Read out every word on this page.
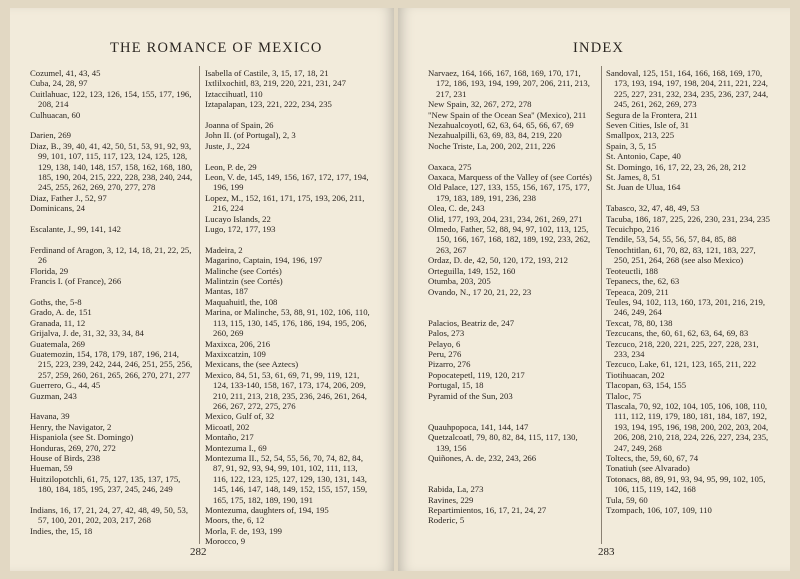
THE ROMANCE OF MEXICO
Cozumel, 41, 43, 45
Cuba, 24, 28, 97
Cuitlahuac, 122, 123, 126, 154, 155, 177, 196, 208, 214
Culhuacan, 60
Darien, 269
Diaz, B., 39, 40, 41, 42, 50, 51, 53, 91, 92, 93, 99, 101, 107, 115, 117, 123, 124, 125, 128, 129, 138, 140, 148, 157, 158, 162, 168, 180, 185, 190, 204, 215, 222, 228, 238, 240, 244, 245, 255, 262, 269, 270, 277, 278
Diaz, Father J., 52, 97
Dominicans, 24
Escalante, J., 99, 141, 142
Ferdinand of Aragon, 3, 12, 14, 18, 21, 22, 25, 26
Florida, 29
Francis I. (of France), 266
Goths, the, 5-8
Grado, A. de, 151
Granada, 11, 12
Grijalva, J. de, 31, 32, 33, 34, 84
Guatemala, 269
Guatemozin, 154, 178, 179, 187, 196, 214, 215, 223, 239, 242, 244, 246, 251, 255, 256, 257, 259, 260, 261, 265, 266, 270, 271, 277
Guerrero, G., 44, 45
Guzman, 243
Havana, 39
Henry, the Navigator, 2
Hispaniola (see St. Domingo)
Honduras, 269, 270, 272
House of Birds, 238
Hueman, 59
Huitzilopotchli, 61, 75, 127, 135, 137, 175, 180, 184, 185, 195, 237, 245, 246, 249
Indians, 16, 17, 21, 24, 27, 42, 48, 49, 50, 53, 57, 100, 201, 202, 203, 217, 268
Indies, the, 15, 18
Isabella of Castile, 3, 15, 17, 18, 21
Ixtlilxochitl, 83, 219, 220, 221, 231, 247
Iztaccihuatl, 110
Iztapalapan, 123, 221, 222, 234, 235
Joanna of Spain, 26
John II. (of Portugal), 2, 3
Juste, J., 224
Leon, P. de, 29
Leon, V. de, 145, 149, 156, 167, 172, 177, 194, 196, 199
Lopez, M., 152, 161, 171, 175, 193, 206, 211, 216, 224
Lucayo Islands, 22
Lugo, 172, 177, 193
Madeira, 2
Magarino, Captain, 194, 196, 197
Malinche (see Cortés)
Malintzin (see Cortés)
Mantas, 187
Maquahuitl, the, 108
Marina, or Malinche, 53, 88, 91, 102, 106, 110, 113, 115, 130, 145, 176, 186, 194, 195, 206, 260, 269
Maxixca, 206, 216
Maxixcatzin, 109
Mexicans, the (see Aztecs)
Mexico, 84, 51, 53, 61, 69, 71, 99, 119, 121, 124, 133-140, 158, 167, 173, 174, 206, 209, 210, 211, 213, 218, 235, 236, 246, 261, 264, 266, 267, 272, 275, 276
Mexico, Gulf of, 32
Micoatl, 202
Montaño, 217
Montezuma I., 69
Montezuma II., 52, 54, 55, 56, 70, 74, 82, 84, 87, 91, 92, 93, 94, 99, 101, 102, 111, 113, 116, 122, 123, 125, 127, 129, 130, 131, 143, 145, 146, 147, 148, 149, 152, 155, 157, 159, 165, 175, 182, 189, 190, 191
Montezuma, daughters of, 194, 195
Moors, the, 6, 12
Morla, F. de, 193, 199
Morocco, 9
282
INDEX
Narvaez, 164, 166, 167, 168, 169, 170, 171, 172, 186, 193, 194, 199, 207, 206, 211, 213, 217, 231
New Spain, 32, 267, 272, 278
"New Spain of the Ocean Sea" (Mexico), 211
Nezahualcoyotl, 62, 63, 64, 65, 66, 67, 69
Nezahualpilli, 63, 69, 83, 84, 219, 220
Noche Triste, La, 200, 202, 211, 226
Oaxaca, 275
Oaxaca, Marquess of the Valley of (see Cortés)
Old Palace, 127, 133, 155, 156, 167, 175, 177, 179, 183, 189, 191, 236, 238
Olea, C. de, 243
Olid, 177, 193, 204, 231, 234, 261, 269, 271
Olmedo, Father, 52, 88, 94, 97, 102, 113, 125, 150, 166, 167, 168, 182, 189, 192, 233, 262, 263, 267
Ordaz, D. de, 42, 50, 120, 172, 193, 212
Orteguilla, 149, 152, 160
Otumba, 203, 205
Ovando, N., 17 20, 21, 22, 23
Palacios, Beatriz de, 247
Palos, 273
Pelayo, 6
Peru, 276
Pizarro, 276
Popocatepetl, 119, 120, 217
Portugal, 15, 18
Pyramid of the Sun, 203
Quauhpopoca, 141, 144, 147
Quetzalcoatl, 79, 80, 82, 84, 115, 117, 130, 139, 156
Quiñones, A. de, 232, 243, 266
Rabida, La, 273
Ravines, 229
Repartimientos, 16, 17, 21, 24, 27
Roderic, 5
Sandoval, 125, 151, 164, 166, 168, 169, 170, 173, 193, 194, 197, 198, 204, 211, 221, 224, 225, 227, 231, 232, 234, 235, 236, 237, 244, 245, 261, 262, 269, 273
Segura de la Frontera, 211
Seven Cities, Isle of, 31
Smallpox, 213, 225
Spain, 3, 5, 15
St. Antonio, Cape, 40
St. Domingo, 16, 17, 22, 23, 26, 28, 212
St. James, 8, 51
St. Juan de Ulua, 164
Tabasco, 32, 47, 48, 49, 53
Tacuba, 186, 187, 225, 226, 230, 231, 234, 235
Tecuichpo, 216
Tendile, 53, 54, 55, 56, 57, 84, 85, 88
Tenochtitlan, 61, 70, 82, 83, 121, 183, 227, 250, 251, 264, 268 (see also Mexico)
Teoteuctli, 188
Tepanecs, the, 62, 63
Tepeaca, 209, 211
Teules, 94, 102, 113, 160, 173, 201, 216, 219, 246, 249, 264
Texcat, 78, 80, 138
Tezcucans, the, 60, 61, 62, 63, 64, 69, 83
Tezcuco, 218, 220, 221, 225, 227, 228, 231, 233, 234
Tezcuco, Lake, 61, 121, 123, 165, 211, 222
Tiotihuacan, 202
Tlacopan, 63, 154, 155
Tlaloc, 75
Tlascala, 70, 92, 102, 104, 105, 106, 108, 110, 111, 112, 119, 179, 180, 181, 184, 187, 192, 193, 194, 195, 196, 198, 200, 202, 203, 204, 206, 208, 210, 218, 224, 226, 227, 234, 235, 247, 249, 268
Toltecs, the, 59, 60, 67, 74
Tonatiuh (see Alvarado)
Totonacs, 88, 89, 91, 93, 94, 95, 99, 102, 105, 106, 115, 119, 142, 168
Tula, 59, 60
Tzompach, 106, 107, 109, 110
283
